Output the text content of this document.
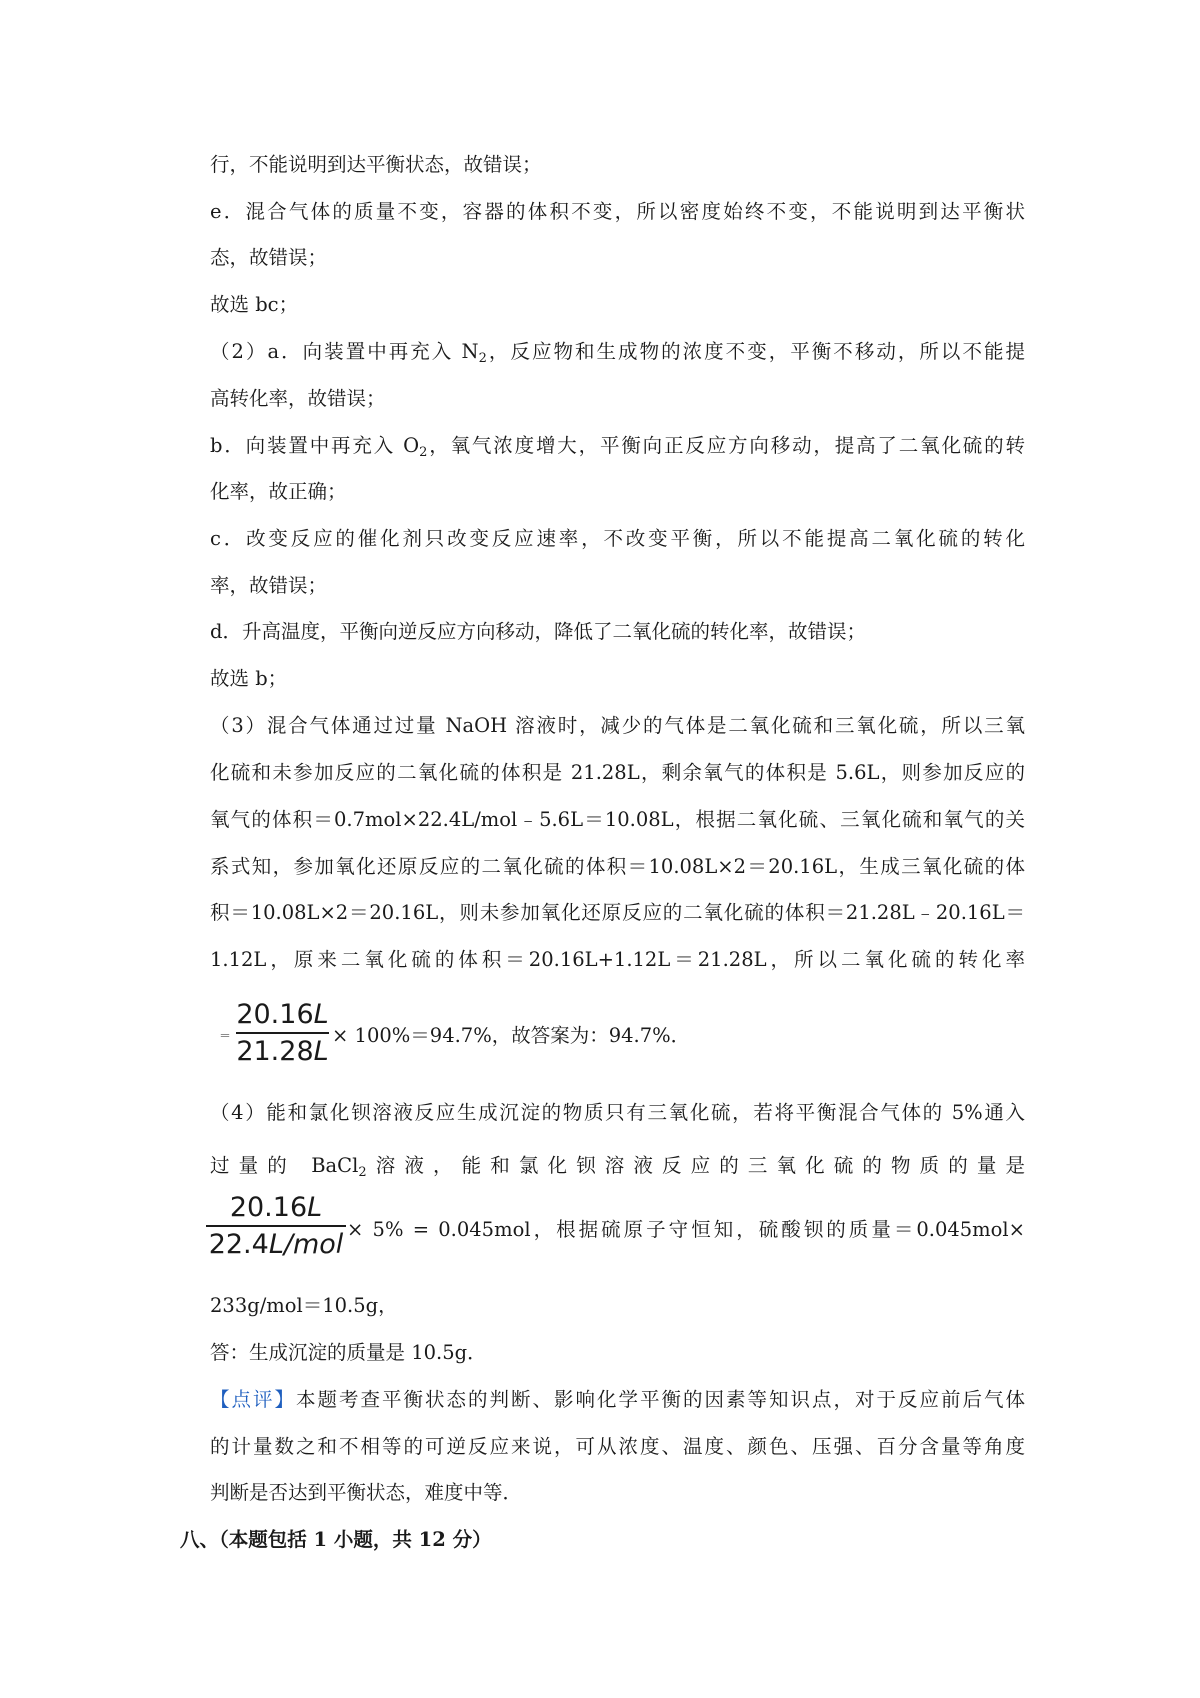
行，不能说明到达平衡状态，故错误；
e．混合气体的质量不变，容器的体积不变，所以密度始终不变，不能说明到达平衡状
态，故错误；
故选 bc；
（2）a．向装置中再充入 $N_2$，反应物和生成物的浓度不变，平衡不移动，所以不能提
高转化率，故错误；
b．向装置中再充入 $O_2$，氧气浓度增大，平衡向正反应方向移动，提高了二氧化硫的转
化率，故正确；
c．改变反应的催化剂只改变反应速率，不改变平衡，所以不能提高二氧化硫的转化
率，故错误；
d．升高温度，平衡向逆反应方向移动，降低了二氧化硫的转化率，故错误；
故选 b；
（3）混合气体通过过量 NaOH 溶液时，减少的气体是二氧化硫和三氧化硫，所以三氧
化硫和未参加反应的二氧化硫的体积是 21.28L，剩余氧气的体积是 5.6L，则参加反应的
氧气的体积＝0.7mol×22.4L/mol﹣5.6L＝10.08L，根据二氧化硫、三氧化硫和氧气的关
系式知，参加氧化还原反应的二氧化硫的体积＝10.08L×2＝20.16L，生成三氧化硫的体
积＝10.08L×2＝20.16L，则未参加氧化还原反应的二氧化硫的体积＝21.28L﹣20.16L＝
1.12L，原来二氧化硫的体积＝20.16L+1.12L＝21.28L，所以二氧化硫的转化率
＝
20.16L
21.28L
× 100%＝94.7%，故答案为：94.7%．
（4）能和氯化钡溶液反应生成沉淀的物质只有三氧化硫，若将平衡混合气体的 5%通入
过量的 BaCl$_2$溶液，能和氯化钡溶液反应的三氧化硫的物质的量是
20.16L
22.4L/mol × 5% = 0.045mol，根据硫原子守恒知，硫酸钡的质量＝0.045mol×
233g/mol＝10.5g，
答：生成沉淀的质量是 10.5g．
【点评】本题考查平衡状态的判断、影响化学平衡的因素等知识点，对于反应前后气体
的计量数之和不相等的可逆反应来说，可从浓度、温度、颜色、压强、百分含量等角度
判断是否达到平衡状态，难度中等．
八、（本题包括 1 小题，共 12 分）
